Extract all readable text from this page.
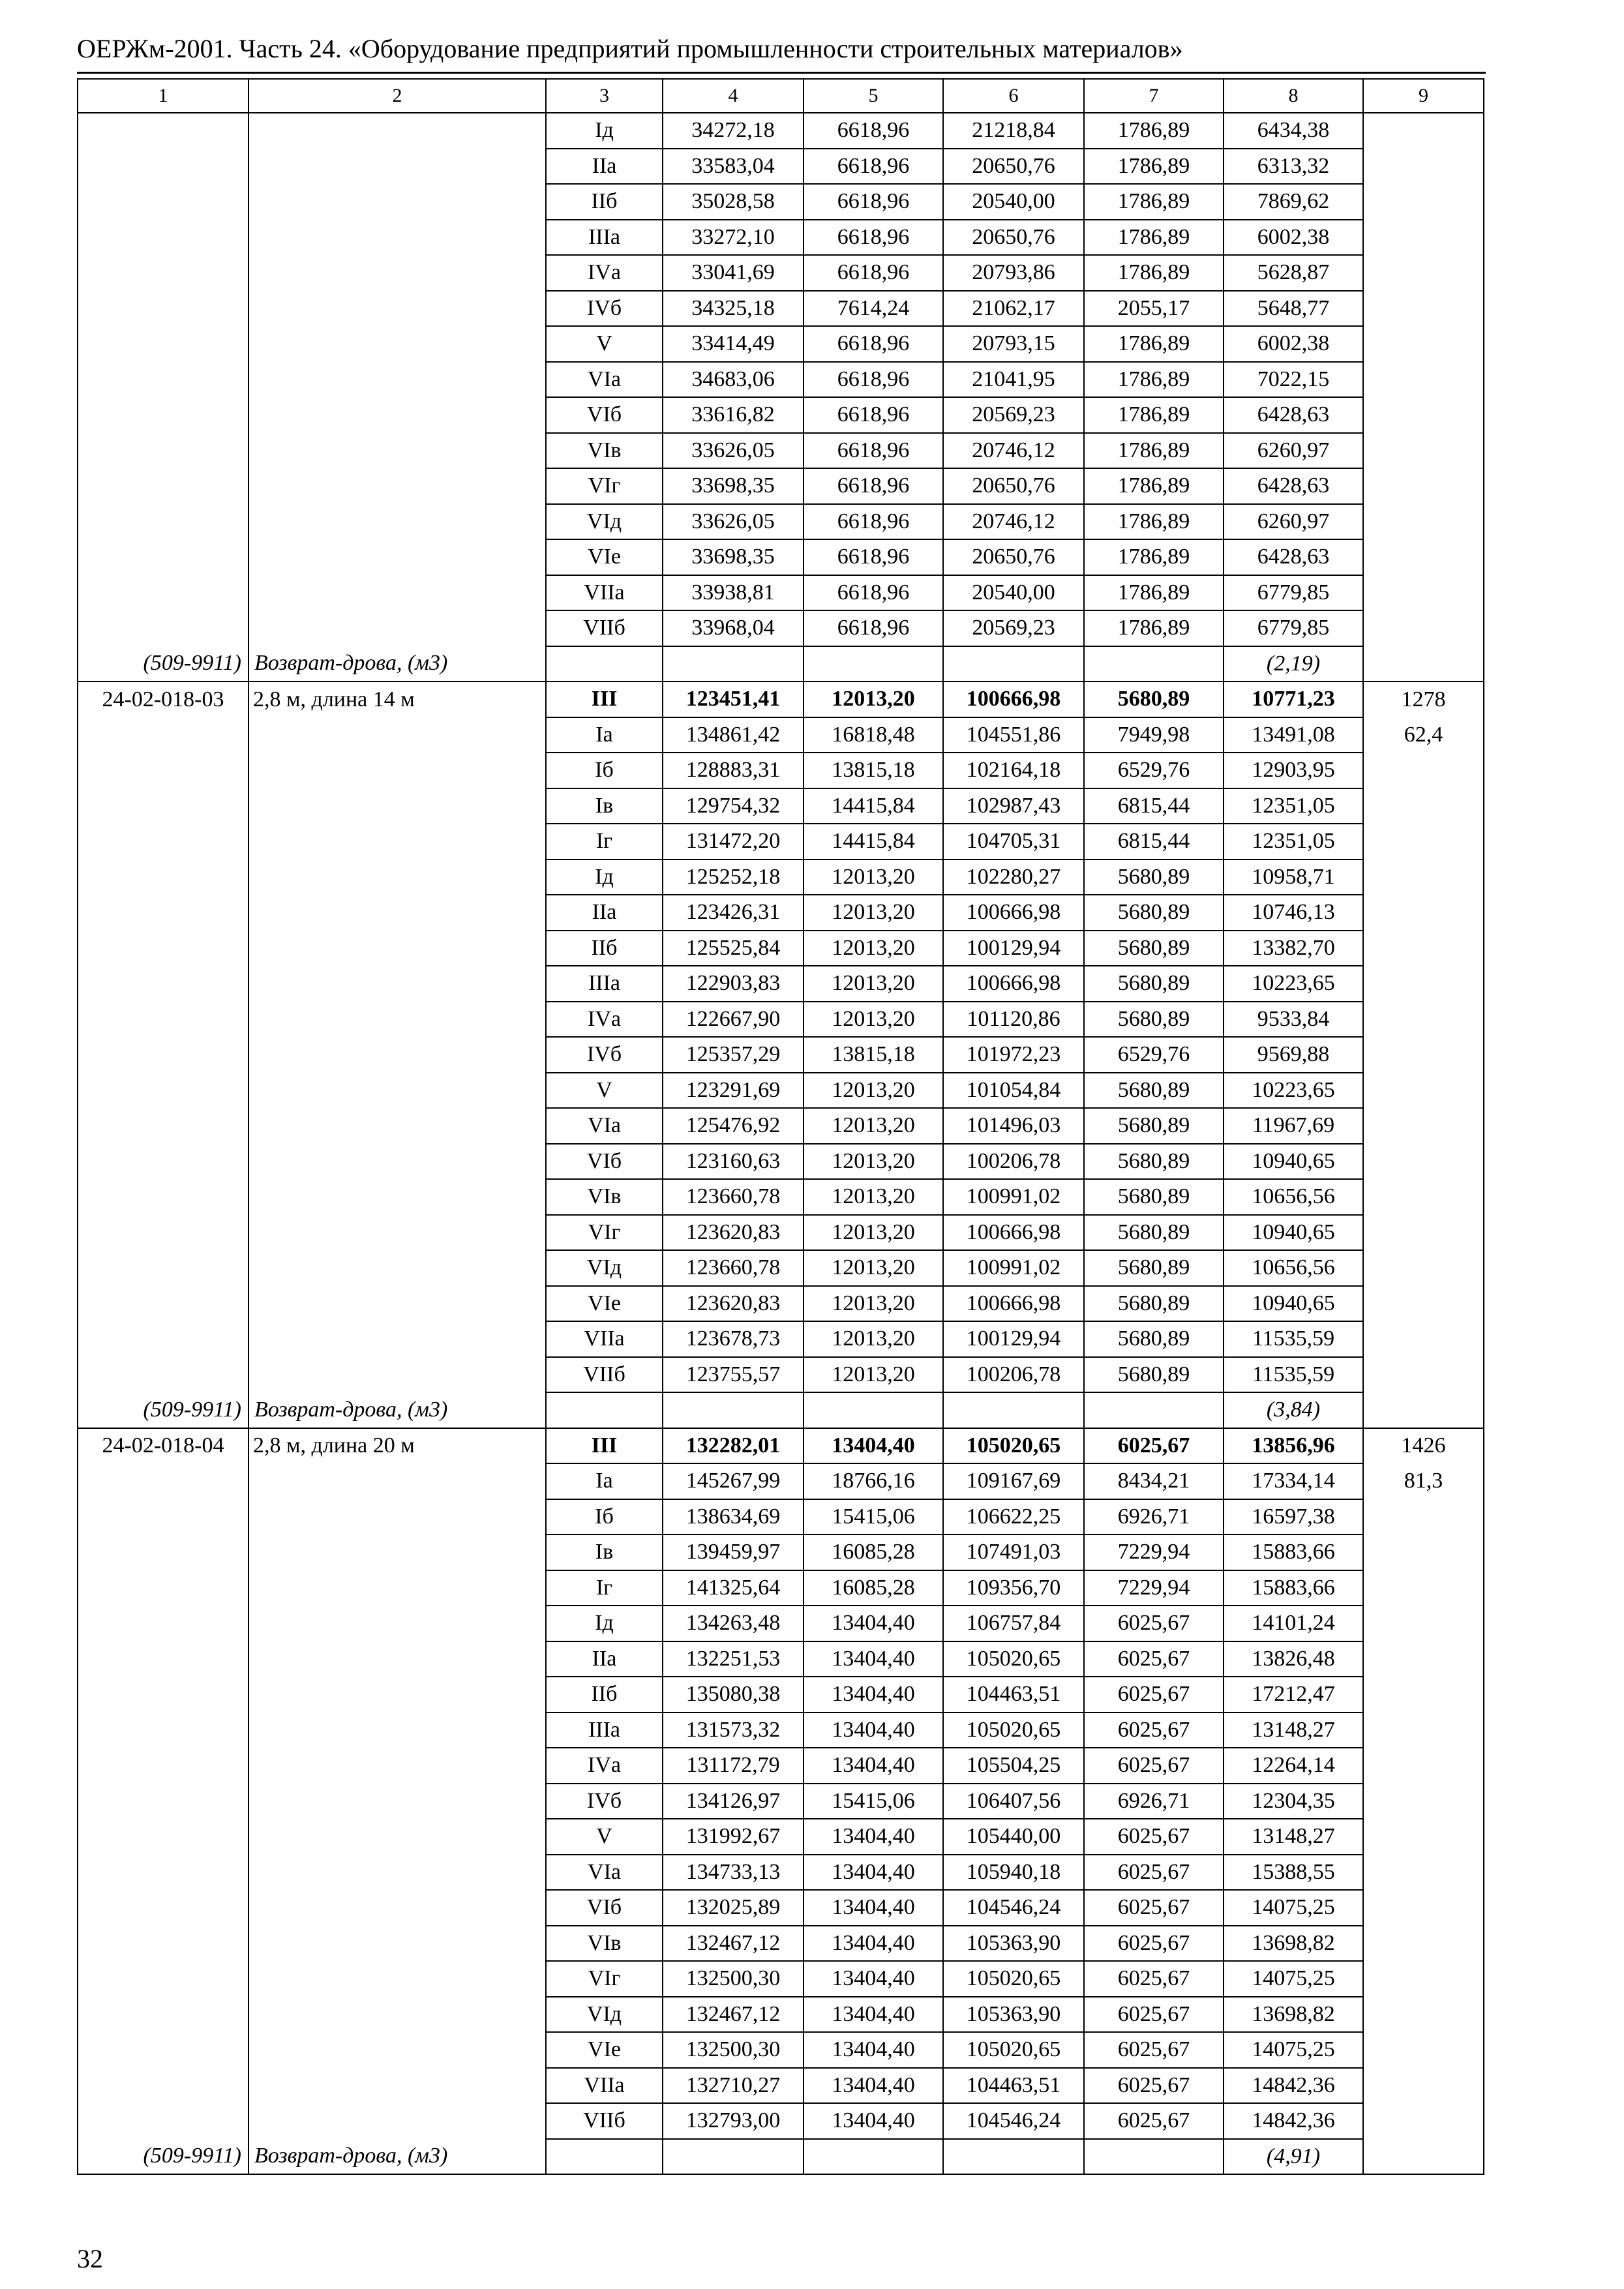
ОЕРЖм-2001. Часть 24. «Оборудование предприятий промышленности строительных материалов»
1	2	3	4	5	6	7	8	9
		Iд	34272,18	6618,96	21218,84	1786,89	6434,38	
		IIа	33583,04	6618,96	20650,76	1786,89	6313,32	
		IIб	35028,58	6618,96	20540,00	1786,89	7869,62	
		IIIа	33272,10	6618,96	20650,76	1786,89	6002,38	
		IVа	33041,69	6618,96	20793,86	1786,89	5628,87	
		IVб	34325,18	7614,24	21062,17	2055,17	5648,77	
		V	33414,49	6618,96	20793,15	1786,89	6002,38	
		VIа	34683,06	6618,96	21041,95	1786,89	7022,15	
		VIб	33616,82	6618,96	20569,23	1786,89	6428,63	
		VIв	33626,05	6618,96	20746,12	1786,89	6260,97	
		VIг	33698,35	6618,96	20650,76	1786,89	6428,63	
		VIд	33626,05	6618,96	20746,12	1786,89	6260,97	
		VIе	33698,35	6618,96	20650,76	1786,89	6428,63	
		VIIа	33938,81	6618,96	20540,00	1786,89	6779,85	
		VIIб	33968,04	6618,96	20569,23	1786,89	6779,85	
(509-9911)	Возврат-дрова, (м3)						(2,19)	
24-02-018-03	2,8 м, длина 14 м	III	123451,41	12013,20	100666,98	5680,89	10771,23	1278
		Iа	134861,42	16818,48	104551,86	7949,98	13491,08	62,4
		Iб	128883,31	13815,18	102164,18	6529,76	12903,95	
		Iв	129754,32	14415,84	102987,43	6815,44	12351,05	
		Iг	131472,20	14415,84	104705,31	6815,44	12351,05	
		Iд	125252,18	12013,20	102280,27	5680,89	10958,71	
		IIа	123426,31	12013,20	100666,98	5680,89	10746,13	
		IIб	125525,84	12013,20	100129,94	5680,89	13382,70	
		IIIа	122903,83	12013,20	100666,98	5680,89	10223,65	
		IVа	122667,90	12013,20	101120,86	5680,89	9533,84	
		IVб	125357,29	13815,18	101972,23	6529,76	9569,88	
		V	123291,69	12013,20	101054,84	5680,89	10223,65	
		VIа	125476,92	12013,20	101496,03	5680,89	11967,69	
		VIб	123160,63	12013,20	100206,78	5680,89	10940,65	
		VIв	123660,78	12013,20	100991,02	5680,89	10656,56	
		VIг	123620,83	12013,20	100666,98	5680,89	10940,65	
		VIд	123660,78	12013,20	100991,02	5680,89	10656,56	
		VIе	123620,83	12013,20	100666,98	5680,89	10940,65	
		VIIа	123678,73	12013,20	100129,94	5680,89	11535,59	
		VIIб	123755,57	12013,20	100206,78	5680,89	11535,59	
(509-9911)	Возврат-дрова, (м3)						(3,84)	
24-02-018-04	2,8 м, длина 20 м	III	132282,01	13404,40	105020,65	6025,67	13856,96	1426
		Iа	145267,99	18766,16	109167,69	8434,21	17334,14	81,3
		Iб	138634,69	15415,06	106622,25	6926,71	16597,38	
		Iв	139459,97	16085,28	107491,03	7229,94	15883,66	
		Iг	141325,64	16085,28	109356,70	7229,94	15883,66	
		Iд	134263,48	13404,40	106757,84	6025,67	14101,24	
		IIа	132251,53	13404,40	105020,65	6025,67	13826,48	
		IIб	135080,38	13404,40	104463,51	6025,67	17212,47	
		IIIа	131573,32	13404,40	105020,65	6025,67	13148,27	
		IVа	131172,79	13404,40	105504,25	6025,67	12264,14	
		IVб	134126,97	15415,06	106407,56	6926,71	12304,35	
		V	131992,67	13404,40	105440,00	6025,67	13148,27	
		VIа	134733,13	13404,40	105940,18	6025,67	15388,55	
		VIб	132025,89	13404,40	104546,24	6025,67	14075,25	
		VIв	132467,12	13404,40	105363,90	6025,67	13698,82	
		VIг	132500,30	13404,40	105020,65	6025,67	14075,25	
		VIд	132467,12	13404,40	105363,90	6025,67	13698,82	
		VIе	132500,30	13404,40	105020,65	6025,67	14075,25	
		VIIа	132710,27	13404,40	104463,51	6025,67	14842,36	
		VIIб	132793,00	13404,40	104546,24	6025,67	14842,36	
(509-9911)	Возврат-дрова, (м3)						(4,91)	
32
